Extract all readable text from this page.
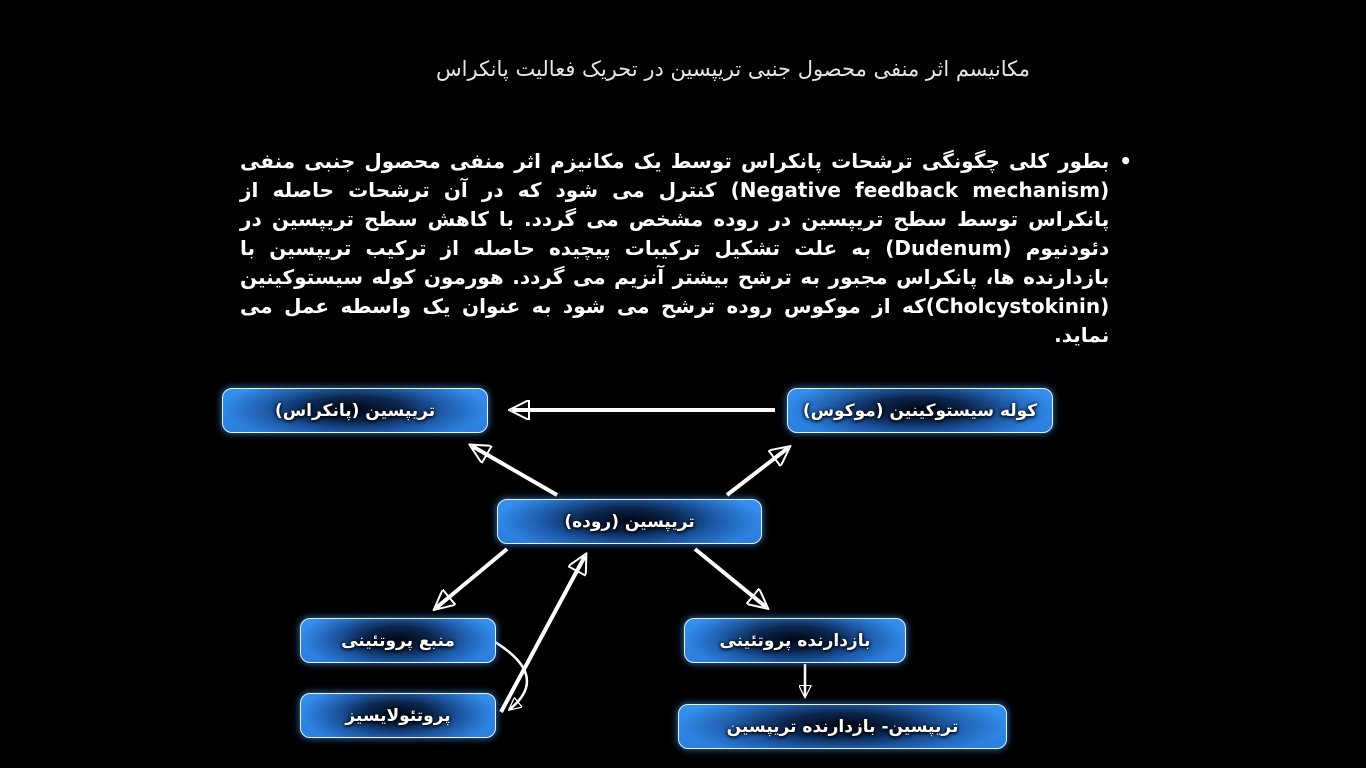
مکانیسم اثر منفی محصول جنبی تریپسین در تحریک فعالیت پانکراس
•
بطور کلی چگونگی ترشحات پانکراس توسط یک مکانیزم اثر منفی محصول جنبی منفی (Negative feedback mechanism) کنترل می شود که در آن ترشحات حاصله از پانکراس توسط سطح تریپسین در روده مشخص می گردد. با کاهش سطح تریپسین در دئودنیوم (Dudenum) به علت تشکیل ترکیبات پیچیده حاصله از ترکیب تریپسین با بازدارنده ها، پانکراس مجبور به ترشح بیشتر آنزیم می گردد. هورمون کوله سیستوکینین (Cholcystokinin)که از موکوس روده ترشح می شود به عنوان یک واسطه عمل می نماید.
تریپسین (پانکراس)	کوله سیستوکینین (موکوس)
تریپسین (روده)
منبع پروتئینی
پروتئولایسیز
بازدارنده پروتئینی
تریپسین- بازدارنده تریپسین
